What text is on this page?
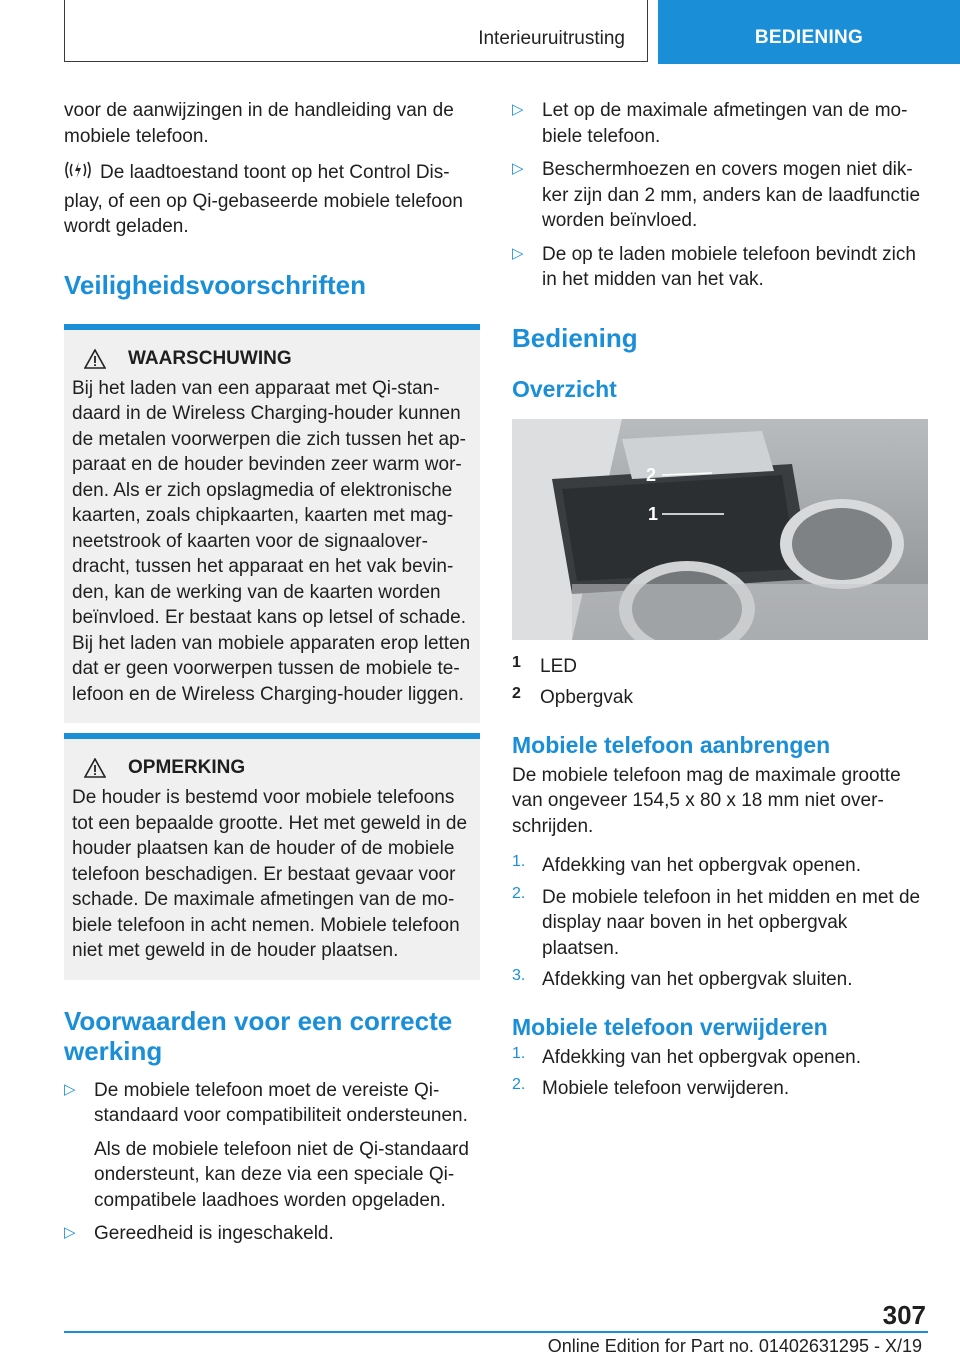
Interieuruitrusting	BEDIENING

voor de aanwijzingen in de handleiding van de mobiele telefoon.

De laadtoestand toont op het Control Display, of een op Qi-gebaseerde mobiele telefoon wordt geladen.

Veiligheidsvoorschriften
WAARSCHUWING

Bij het laden van een apparaat met Qi-standaard in de Wireless Charging-houder kunnen de metalen voorwerpen die zich tussen het apparaat en de houder bevinden zeer warm worden. Als er zich opslagmedia of elektronische kaarten, zoals chipkaarten, kaarten met magneetstrook of kaarten voor de signaaloverdracht, tussen het apparaat en het vak bevinden, kan de werking van de kaarten worden beïnvloed. Er bestaat kans op letsel of schade.

Bij het laden van mobiele apparaten erop letten dat er geen voorwerpen tussen de mobiele telefoon en de Wireless Charging-houder liggen.

OPMERKING

De houder is bestemd voor mobiele telefoons tot een bepaalde grootte. Het met geweld in de houder plaatsen kan de houder of de mobiele telefoon beschadigen. Er bestaat gevaar voor schade. De maximale afmetingen van de mobiele telefoon in acht nemen. Mobiele telefoon niet met geweld in de houder plaatsen.

Voorwaarden voor een correcte werking
▷ De mobiele telefoon moet de vereiste Qi-standaard voor compatibiliteit ondersteunen.

Als de mobiele telefoon niet de Qi-standaard ondersteunt, kan deze via een speciale Qi-compatibele laadhoes worden opgeladen.

▷ Gereedheid is ingeschakeld.

▷ Let op de maximale afmetingen van de mobiele telefoon.

▷ Beschermhoezen en covers mogen niet dikker zijn dan 2 mm, anders kan de laadfunctie worden beïnvloed.

▷ De op te laden mobiele telefoon bevindt zich in het midden van het vak.

Bediening
Overzicht
2
1
1	LED

2	Opbergvak

Mobiele telefoon aanbrengen

De mobiele telefoon mag de maximale grootte van ongeveer 154,5 x 80 x 18 mm niet overschrijden.

1. Afdekking van het opbergvak openen.

2. De mobiele telefoon in het midden en met de display naar boven in het opbergvak plaatsen.

3. Afdekking van het opbergvak sluiten.

Mobiele telefoon verwijderen
1. Afdekking van het opbergvak openen.

2. Mobiele telefoon verwijderen.

307
Online Edition for Part no. 01402631295 - X/19
